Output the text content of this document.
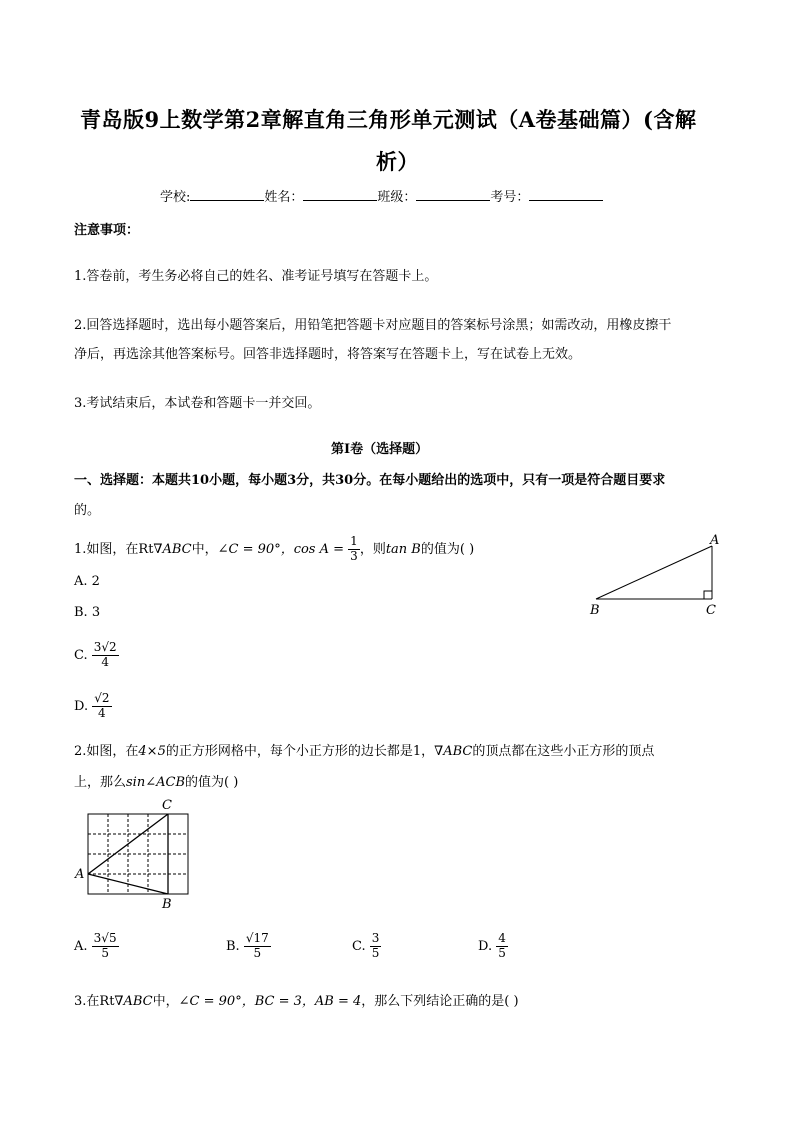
青岛版9上数学第2章解直角三角形单元测试（A卷基础篇）(含解
析）
学校:	姓名：	班级：	考号：
注意事项：
1.答卷前，考生务必将自己的姓名、准考证号填写在答题卡上。
2.回答选择题时，选出每小题答案后，用铅笔把答题卡对应题目的答案标号涂黑；如需改动，用橡皮擦干
净后，再选涂其他答案标号。回答非选择题时，将答案写在答题卡上，写在试卷上无效。
3.考试结束后，本试卷和答题卡一并交回。
第I卷（选择题）
一、选择题：本题共10小题，每小题3分，共30分。在每小题给出的选项中，只有一项是符合题目要求
的。
1.如图，在Rt∇ABC中，∠C = 90°，$\cos A = \frac{1}{3}$ ，则tan B的值为( )
A. 2
B. 3
C. $\frac{3√2}{4}$
D. $\frac{√2}{4}$
A
B	C
2.如图，在4×5的正方形网格中，每个小正方形的边长都是1，∇ABC的顶点都在这些小正方形的顶点
上，那么sin∠ACB的值为( )
C
A
B
A. $\frac{3√5}{5}$	B. $\frac{√17}{5}$	C. $\frac{3}{5}$	D. $\frac{4}{5}$
3.在Rt∇ABC中，∠C = 90°，BC = 3，AB = 4，那么下列结论正确的是( )
